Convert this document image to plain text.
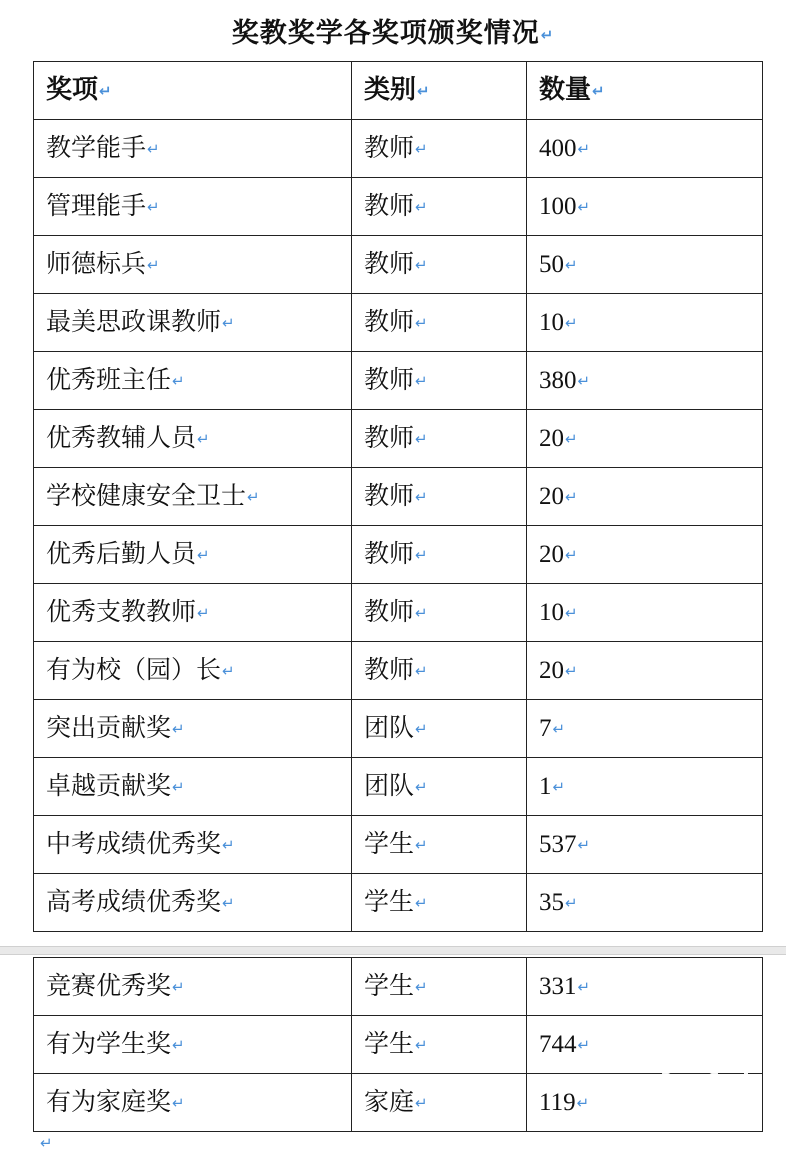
奖教奖学各奖项颁奖情况↵
奖项↵	类别↵	数量↵
教学能手↵	教师↵	400↵
管理能手↵	教师↵	100↵
师德标兵↵	教师↵	50↵
最美思政课教师↵	教师↵	10↵
优秀班主任↵	教师↵	380↵
优秀教辅人员↵	教师↵	20↵
学校健康安全卫士↵	教师↵	20↵
优秀后勤人员↵	教师↵	20↵
优秀支教教师↵	教师↵	10↵
有为校（园）长↵	教师↵	20↵
突出贡献奖↵	团队↵	7↵
卓越贡献奖↵	团队↵	1↵
中考成绩优秀奖↵	学生↵	537↵
高考成绩优秀奖↵	学生↵	35↵
竞赛优秀奖↵	学生↵	331↵
有为学生奖↵	学生↵	744↵
有为家庭奖↵	家庭↵	119↵
↵
